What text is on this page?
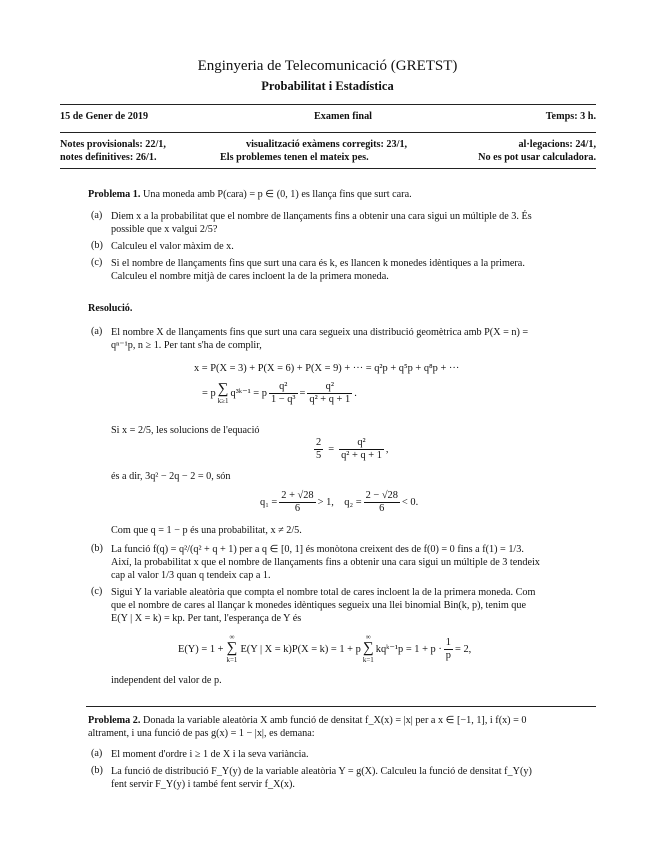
Enginyeria de Telecomunicació (GRETST)
Probabilitat i Estadística
15 de Gener de 2019	Examen final	Temps: 3 h.
Notes provisionals: 22/1,	visualització exàmens corregits: 23/1,	al·legacions: 24/1,
notes definitives: 26/1.	Els problemes tenen el mateix pes.	No es pot usar calculadora.
Problema 1. Una moneda amb P(cara) = p ∈ (0, 1) es llança fins que surt cara.
(a) Diem x a la probabilitat que el nombre de llançaments fins a obtenir una cara sigui un múltiple de 3. És
possible que x valgui 2/5?
(b) Calculeu el valor màxim de x.
(c) Si el nombre de llançaments fins que surt una cara és k, es llancen k monedes idèntiques a la primera.
Calculeu el nombre mitjà de cares incloent la de la primera moneda.
Resolució.
(a) El nombre X de llançaments fins que surt una cara segueix una distribució geomètrica amb P(X = n) =
qⁿ⁻¹p, n ≥ 1. Per tant s'ha de complir,
x = P(X = 3) + P(X = 6) + P(X = 9) + ··· = q²p + q⁵p + q⁸p + ···
= p ∑
k≥1
q³ᵏ⁻¹ = p $\frac{\text{q²}}{\text{1 − q³}} = \frac{\text{q²}}{\text{q² + q + 1}}$ .
Si x = 2/5, les solucions de l'equació
$\frac{2}{5} = \frac{\text{q²}}{\text{q² + q + 1}}$ ,
és a dir, 3q² − 2q − 2 = 0, són
$q_1 = \frac{2 + √28}{6} > 1$,    $q_2 = \frac{2 - √28}{6} < 0$.
Com que q = 1 − p és una probabilitat, x ≠ 2/5.
(b) La funció f(q) = q²/(q² + q + 1) per a q ∈ [0, 1] és monòtona creixent des de f(0) = 0 fins a f(1) = 1/3.
Així, la probabilitat x que el nombre de llançaments fins a obtenir una cara sigui un múltiple de 3 tendeix
cap al valor 1/3 quan q tendeix cap a 1.
(c) Sigui Y la variable aleatòria que compta el nombre total de cares incloent la de la primera moneda. Com
que el nombre de cares al llançar k monedes idèntiques segueix una llei binomial Bin(k, p), tenim que
E(Y | X = k) = kp. Per tant, l'esperança de Y és
E(Y) = 1 +
∞
∑
k=1
E(Y | X = k)P(X = k) = 1 + p
∞
∑
k=1
kqᵏ⁻¹p = $1 + p \cdot \frac{1}{p} = 2$,
independent del valor de p.
Problema 2. Donada la variable aleatòria X amb funció de densitat f_X(x) = |x| per a x ∈ [−1, 1], i f(x) = 0
altrament, i una funció de pas g(x) = 1 − |x|, es demana:
(a) El moment d'ordre i ≥ 1 de X i la seva variància.
(b) La funció de distribució F_Y(y) de la variable aleatòria Y = g(X). Calculeu la funció de densitat f_Y(y)
fent servir F_Y(y) i també fent servir f_X(x).
